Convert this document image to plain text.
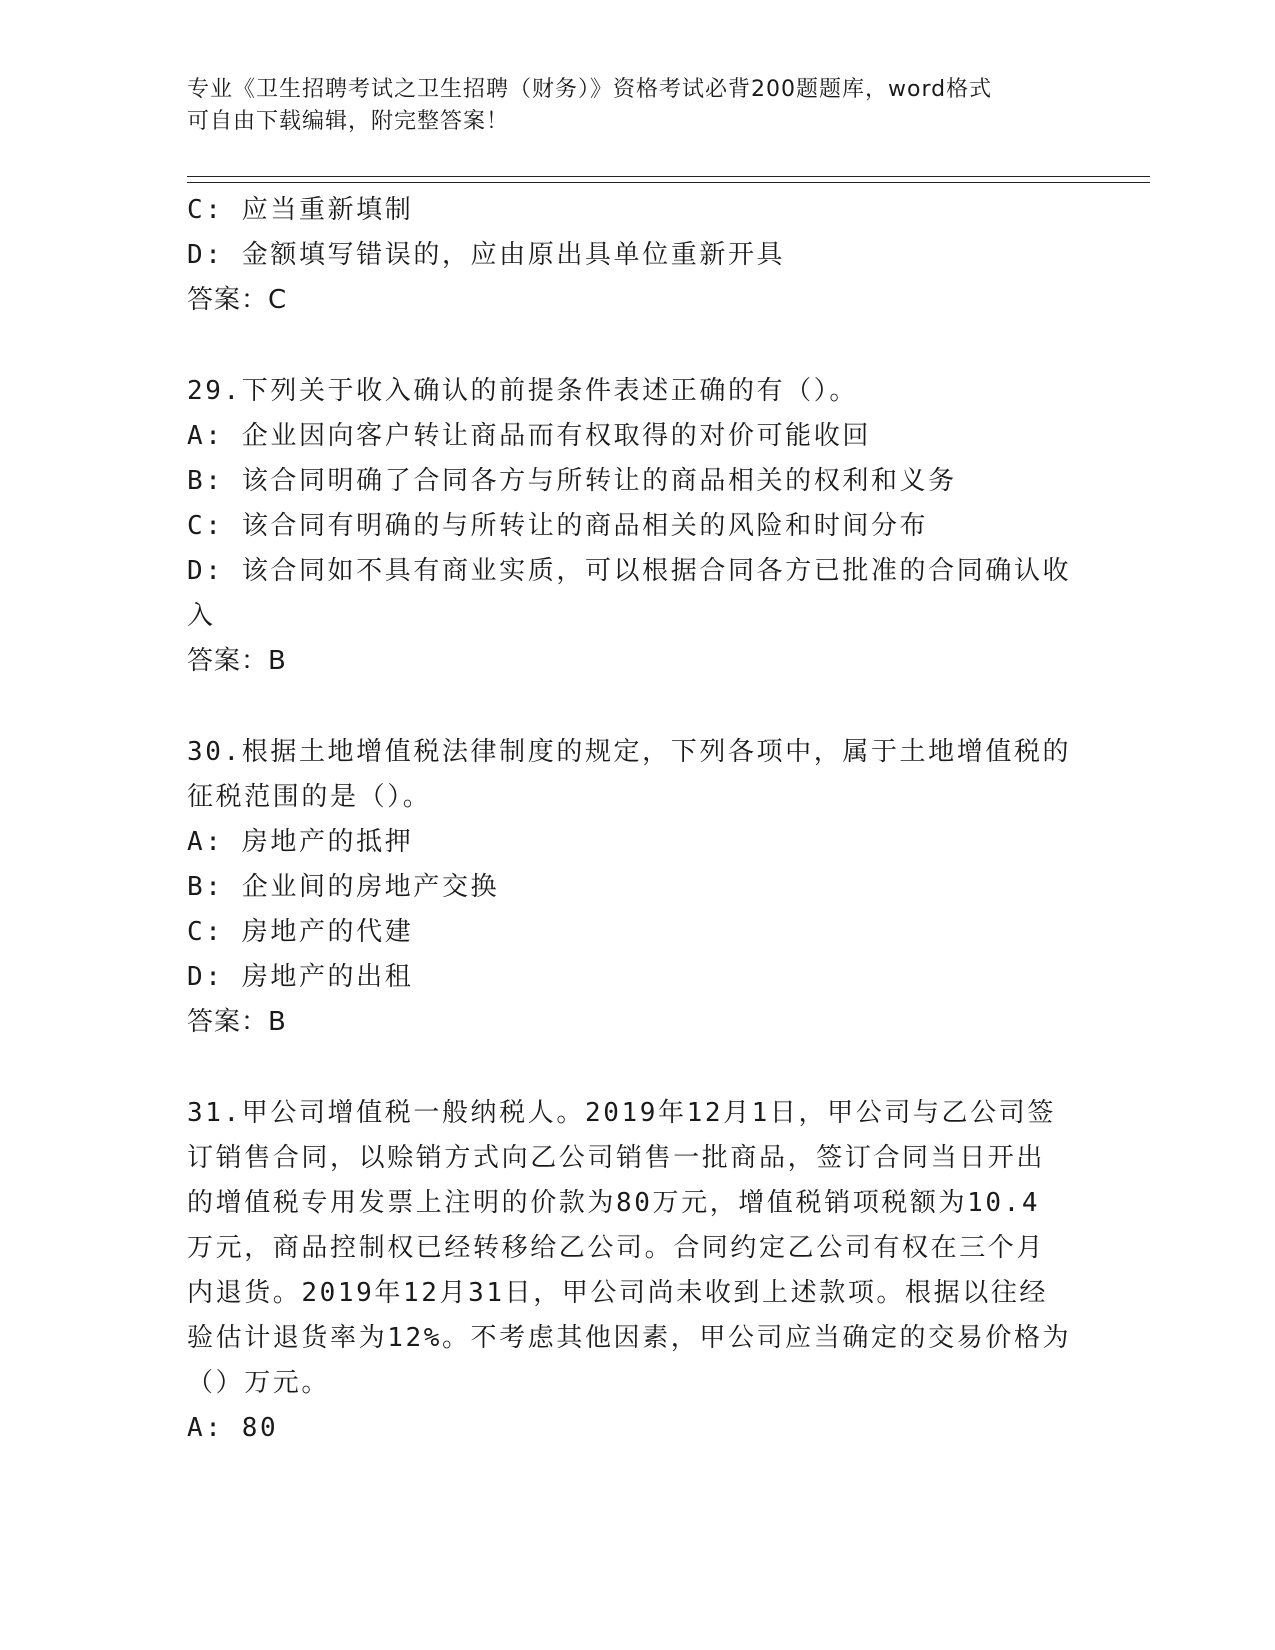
专业《卫生招聘考试之卫生招聘（财务）》资格考试必背200题题库，word格式
可自由下载编辑，附完整答案！
C: 应当重新填制
D: 金额填写错误的，应由原出具单位重新开具
答案：C
29.下列关于收入确认的前提条件表述正确的有（）。
A: 企业因向客户转让商品而有权取得的对价可能收回
B: 该合同明确了合同各方与所转让的商品相关的权利和义务
C: 该合同有明确的与所转让的商品相关的风险和时间分布
D: 该合同如不具有商业实质，可以根据合同各方已批准的合同确认收
入
答案：B
30.根据土地增值税法律制度的规定，下列各项中，属于土地增值税的
征税范围的是（）。
A: 房地产的抵押
B: 企业间的房地产交换
C: 房地产的代建
D: 房地产的出租
答案：B
31.甲公司增值税一般纳税人。2019年12月1日，甲公司与乙公司签
订销售合同，以赊销方式向乙公司销售一批商品，签订合同当日开出
的增值税专用发票上注明的价款为80万元，增值税销项税额为10.4
万元，商品控制权已经转移给乙公司。合同约定乙公司有权在三个月
内退货。2019年12月31日，甲公司尚未收到上述款项。根据以往经
验估计退货率为12%。不考虑其他因素，甲公司应当确定的交易价格为
（）万元。
A: 80
